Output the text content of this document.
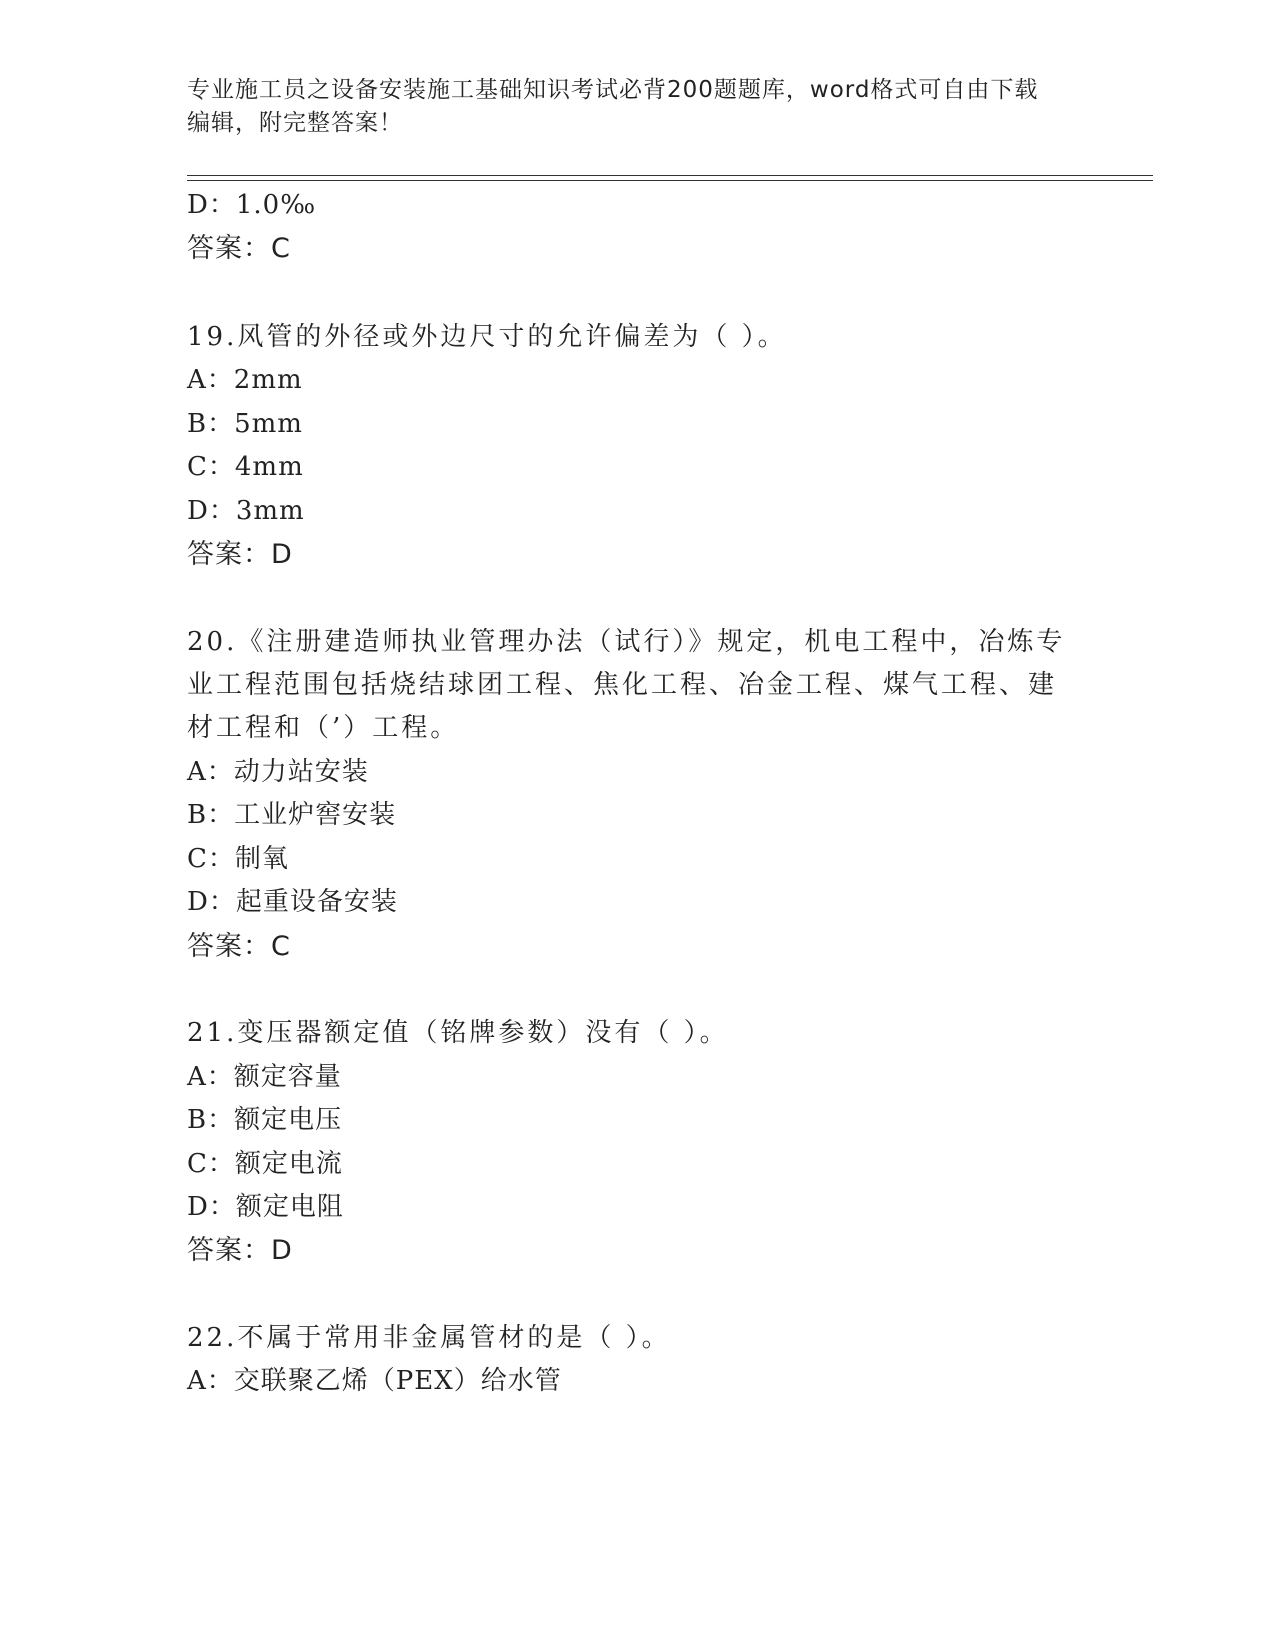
专业施工员之设备安装施工基础知识考试必背200题题库，word格式可自由下载
编辑，附完整答案！
D：1.0‰
答案：C
19.风管的外径或外边尺寸的允许偏差为（ ）。
A：2mm
B：5mm
C：4mm
D：3mm
答案：D
20.《注册建造师执业管理办法（试行）》规定，机电工程中，冶炼专
业工程范围包括烧结球团工程、焦化工程、冶金工程、煤气工程、建
材工程和（’）工程。
A：动力站安装
B：工业炉窖安装
C：制氧
D：起重设备安装
答案：C
21.变压器额定值（铭牌参数）没有（ ）。
A：额定容量
B：额定电压
C：额定电流
D：额定电阻
答案：D
22.不属于常用非金属管材的是（ ）。
A：交联聚乙烯（PEX）给水管
